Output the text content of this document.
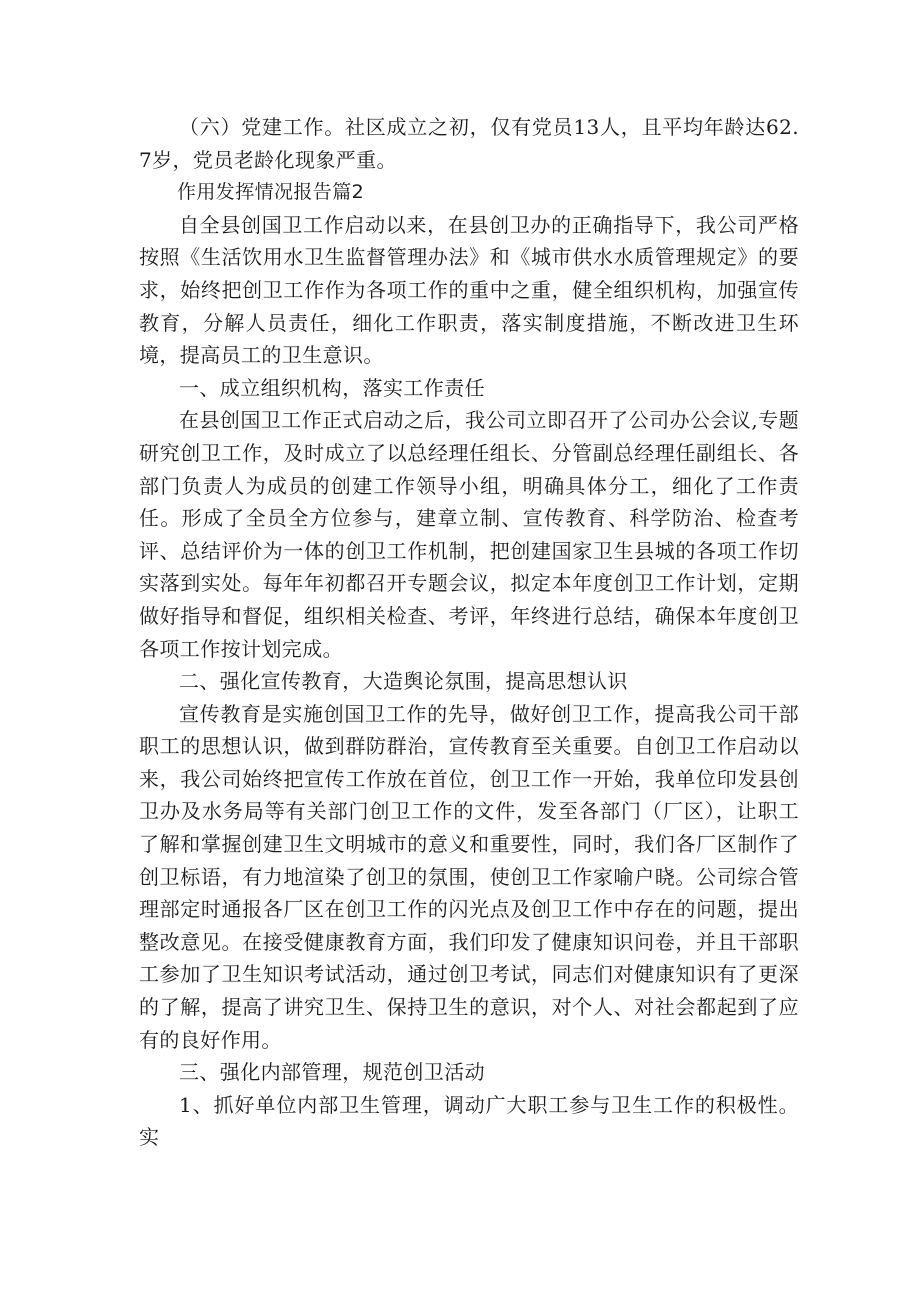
（六）党建工作。社区成立之初，仅有党员13人，且平均年龄达62.7岁，党员老龄化现象严重。

作用发挥情况报告篇2

自全县创国卫工作启动以来，在县创卫办的正确指导下，我公司严格按照《生活饮用水卫生监督管理办法》和《城市供水水质管理规定》的要求，始终把创卫工作作为各项工作的重中之重，健全组织机构，加强宣传教育，分解人员责任，细化工作职责，落实制度措施，不断改进卫生环境，提高员工的卫生意识。

一、成立组织机构，落实工作责任

在县创国卫工作正式启动之后，我公司立即召开了公司办公会议,专题研究创卫工作，及时成立了以总经理任组长、分管副总经理任副组长、各部门负责人为成员的创建工作领导小组，明确具体分工，细化了工作责任。形成了全员全方位参与，建章立制、宣传教育、科学防治、检查考评、总结评价为一体的创卫工作机制，把创建国家卫生县城的各项工作切实落到实处。每年年初都召开专题会议，拟定本年度创卫工作计划，定期做好指导和督促，组织相关检查、考评，年终进行总结，确保本年度创卫各项工作按计划完成。

二、强化宣传教育，大造舆论氛围，提高思想认识

宣传教育是实施创国卫工作的先导，做好创卫工作，提高我公司干部职工的思想认识，做到群防群治，宣传教育至关重要。自创卫工作启动以来，我公司始终把宣传工作放在首位，创卫工作一开始，我单位印发县创卫办及水务局等有关部门创卫工作的文件，发至各部门（厂区），让职工了解和掌握创建卫生文明城市的意义和重要性，同时，我们各厂区制作了创卫标语，有力地渲染了创卫的氛围，使创卫工作家喻户晓。公司综合管理部定时通报各厂区在创卫工作的闪光点及创卫工作中存在的问题，提出整改意见。在接受健康教育方面，我们印发了健康知识问卷，并且干部职工参加了卫生知识考试活动，通过创卫考试，同志们对健康知识有了更深的了解，提高了讲究卫生、保持卫生的意识，对个人、对社会都起到了应有的良好作用。

三、强化内部管理，规范创卫活动

1、抓好单位内部卫生管理，调动广大职工参与卫生工作的积极性。实
